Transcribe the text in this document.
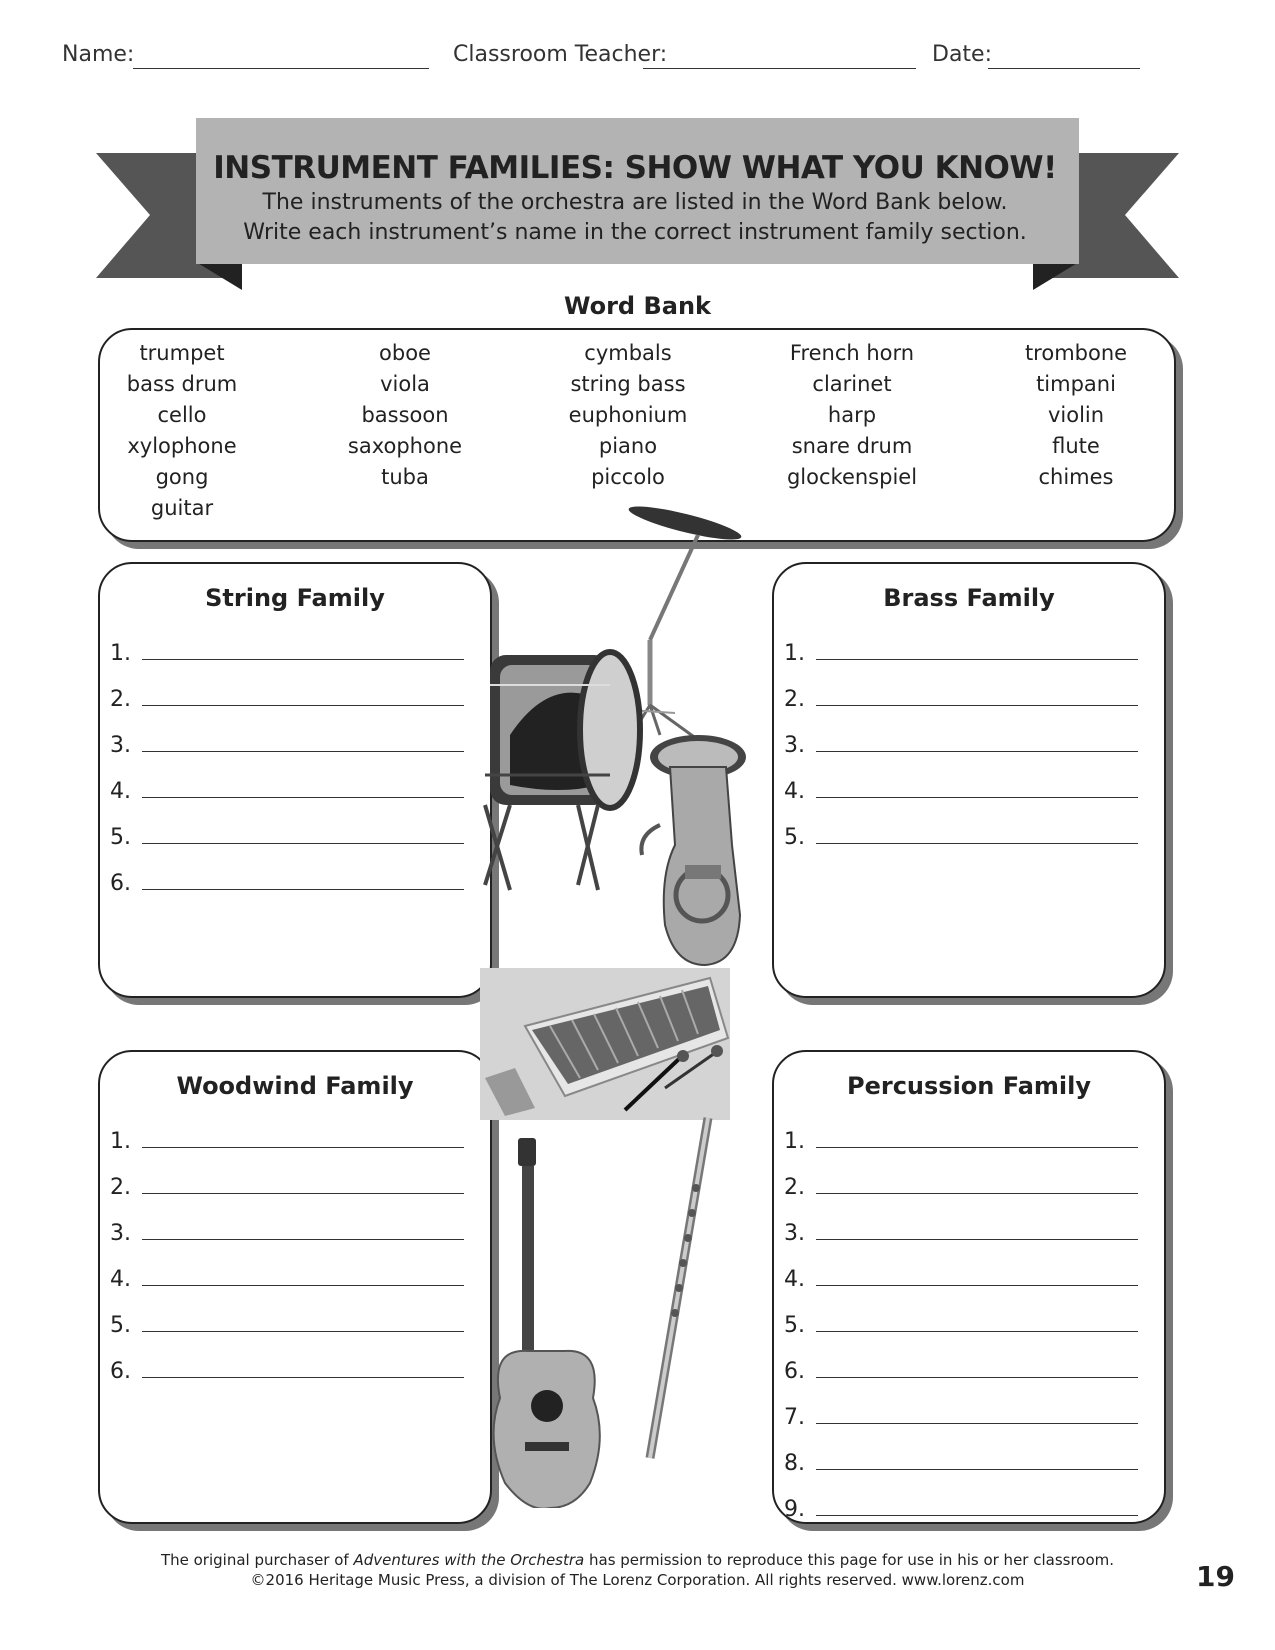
Name:	Classroom Teacher:	Date:
INSTRUMENT FAMILIES: SHOW WHAT YOU KNOW!
The instruments of the orchestra are listed in the Word Bank below.
Write each instrument’s name in the correct instrument family section.
Word Bank
trumpet
bass drum
cello
xylophone
gong
guitar
oboe
viola
bassoon
saxophone
tuba
cymbals
string bass
euphonium
piano
piccolo
French horn
clarinet
harp
snare drum
glockenspiel
trombone
timpani
violin
flute
chimes
String Family
1.
2.
3.
4.
5.
6.
Brass Family
1.
2.
3.
4.
5.
Woodwind Family
1.
2.
3.
4.
5.
6.
Percussion Family
1.
2.
3.
4.
5.
6.
7.
8.
9.
The original purchaser of Adventures with the Orchestra has permission to reproduce this page for use in his or her classroom.
©2016 Heritage Music Press, a division of The Lorenz Corporation. All rights reserved. www.lorenz.com	19
